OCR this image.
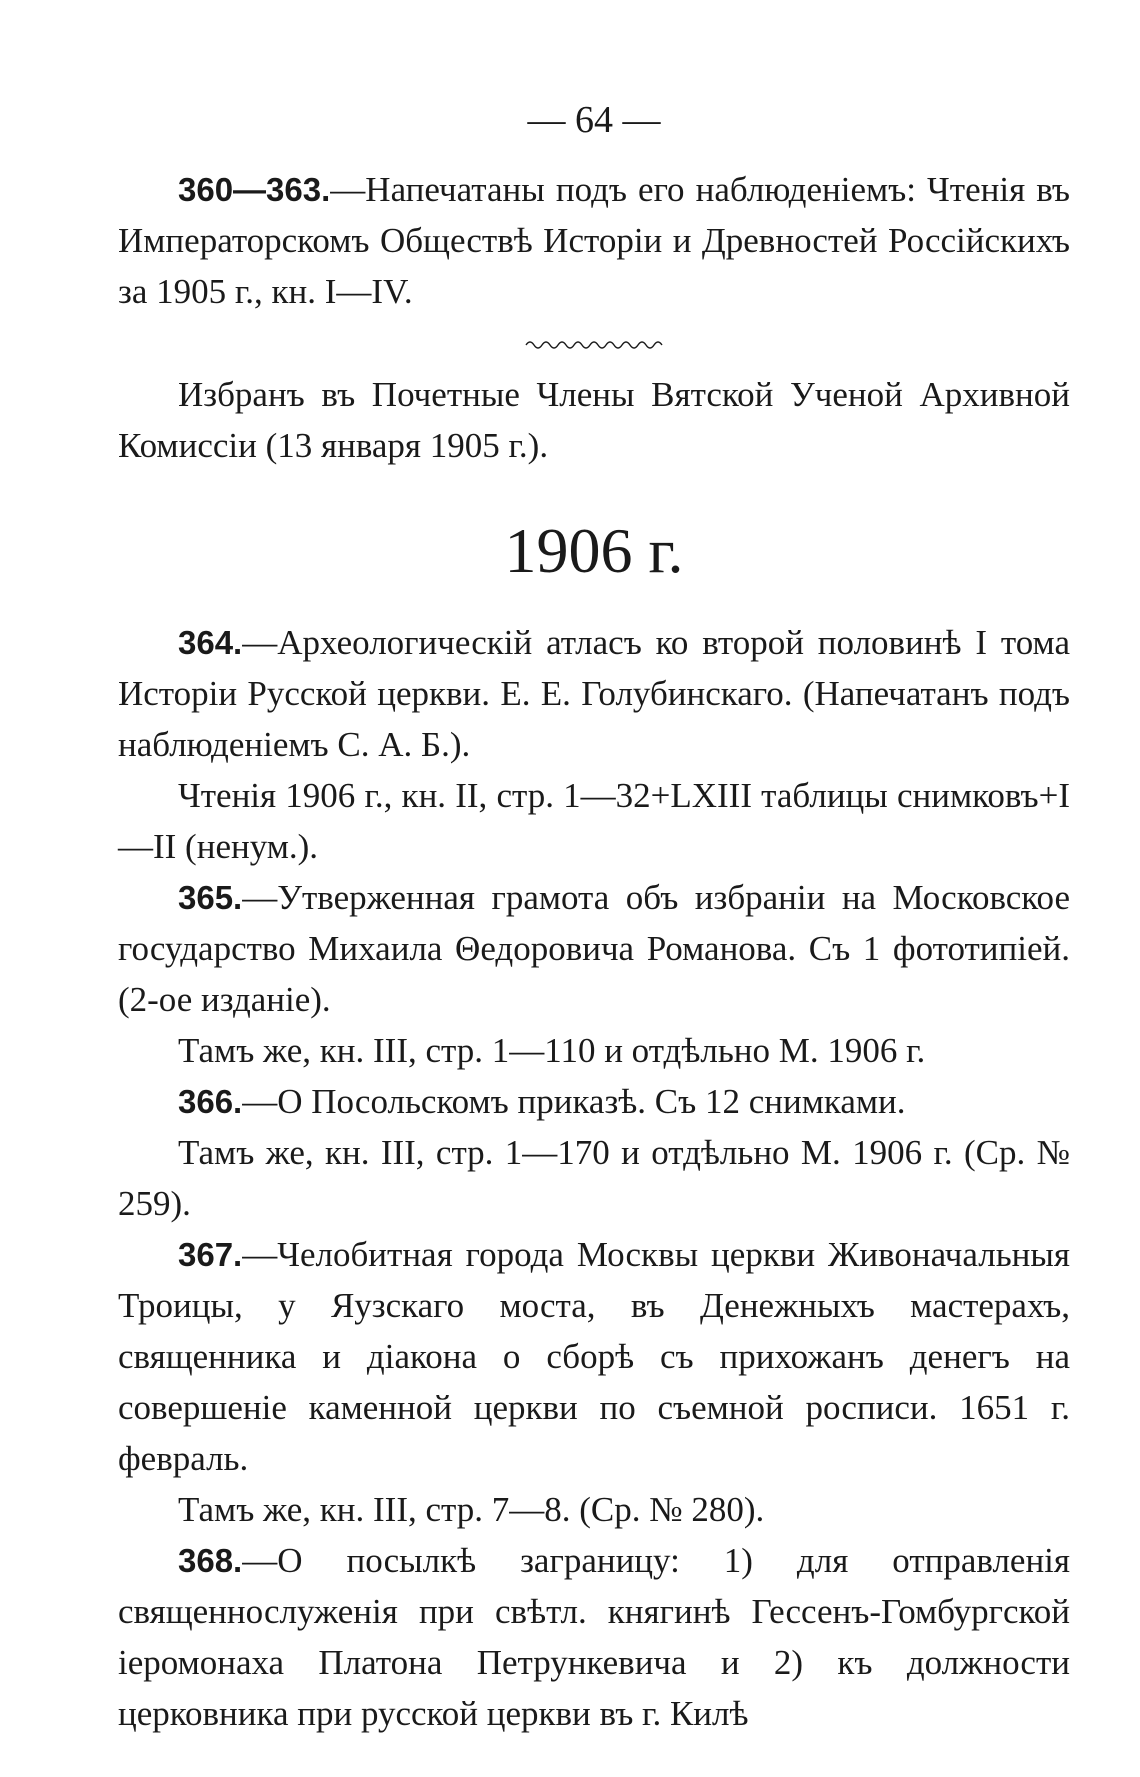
— 64 —

360—363.—Напечатаны подъ его наблюденіемъ: Чтенія въ Императорскомъ Обществѣ Исторіи и Древностей Россійскихъ за 1905 г., кн. I—IV.

Избранъ въ Почетные Члены Вятской Ученой Архивной Комиссіи (13 января 1905 г.).

1906 г.

364.—Археологическій атласъ ко второй половинѣ I тома Исторіи Русской церкви. Е. Е. Голубинскаго. (Напечатанъ подъ наблюденіемъ С. А. Б.).

Чтенія 1906 г., кн. II, стр. 1—32+LXIII таблицы снимковъ+I—II (ненум.).

365.—Утверженная грамота объ избраніи на Московское государство Михаила Θедоровича Романова. Съ 1 фототипіей. (2-ое изданіе).

Тамъ же, кн. III, стр. 1—110 и отдѣльно М. 1906 г.

366.—О Посольскомъ приказѣ. Съ 12 снимками.

Тамъ же, кн. III, стр. 1—170 и отдѣльно М. 1906 г. (Ср. № 259).

367.—Челобитная города Москвы церкви Живоначальныя Троицы, у Яузскаго моста, въ Денежныхъ мастерахъ, священника и діакона о сборѣ съ прихожанъ денегъ на совершеніе каменной церкви по съемной росписи. 1651 г. февраль.

Тамъ же, кн. III, стр. 7—8. (Ср. № 280).

368.—О посылкѣ заграницу: 1) для отправленія священнослуженія при свѣтл. княгинѣ Гессенъ-Гомбургской іеромонаха Платона Петрункевича и 2) къ должности церковника при русской церкви въ г. Килѣ
